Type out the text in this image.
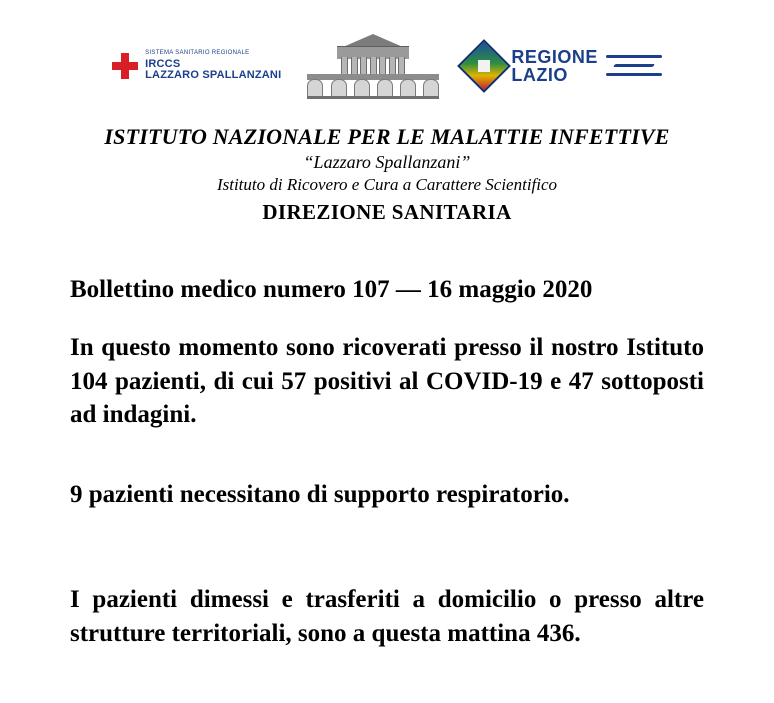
SISTEMA SANITARIO REGIONALE
IRCCS
LAZZARO SPALLANZANI
REGIONE
LAZIO
ISTITUTO NAZIONALE PER LE MALATTIE INFETTIVE
“Lazzaro Spallanzani”
Istituto di Ricovero e Cura a Carattere Scientifico
DIREZIONE SANITARIA

Bollettino medico numero 107 — 16 maggio 2020

In questo momento sono ricoverati presso il nostro Istituto 104 pazienti, di cui 57 positivi al COVID-19 e 47 sottoposti ad indagini.

9 pazienti necessitano di supporto respiratorio.

I pazienti dimessi e trasferiti a domicilio o presso altre strutture territoriali, sono a questa mattina 436.
